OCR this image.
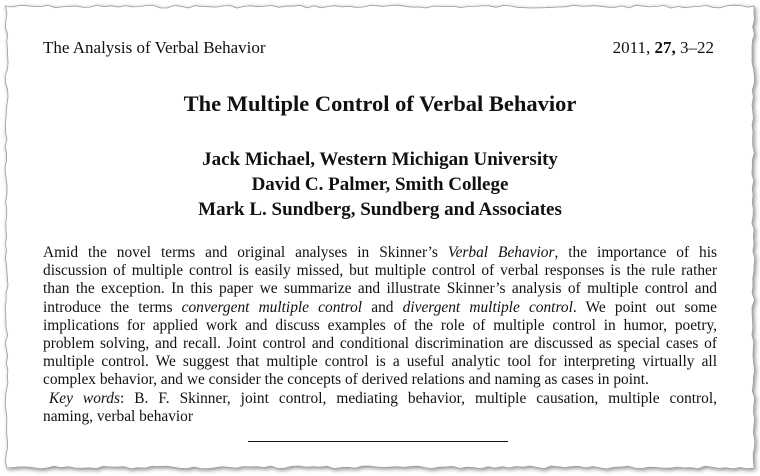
The Analysis of Verbal Behavior	2011, 27, 3–22
The Multiple Control of Verbal Behavior
Jack Michael, Western Michigan University
David C. Palmer, Smith College
Mark L. Sundberg, Sundberg and Associates
Amid the novel terms and original analyses in Skinner’s Verbal Behavior, the importance of his
discussion of multiple control is easily missed, but multiple control of verbal responses is the rule rather
than the exception. In this paper we summarize and illustrate Skinner’s analysis of multiple control and
introduce the terms convergent multiple control and divergent multiple control. We point out some
implications for applied work and discuss examples of the role of multiple control in humor, poetry,
problem solving, and recall. Joint control and conditional discrimination are discussed as special cases of
multiple control. We suggest that multiple control is a useful analytic tool for interpreting virtually all
complex behavior, and we consider the concepts of derived relations and naming as cases in point.
Key words: B. F. Skinner, joint control, mediating behavior, multiple causation, multiple control,
naming, verbal behavior
